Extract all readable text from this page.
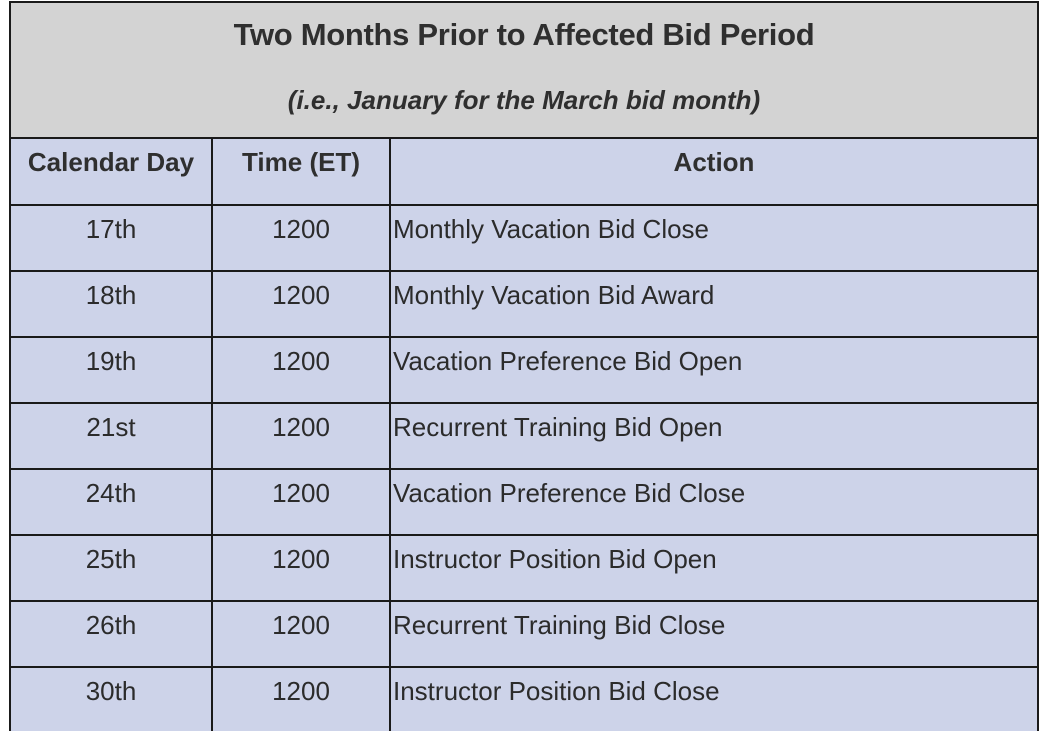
Two Months Prior to Affected Bid Period
(i.e., January for the March bid month)
Calendar Day	Time (ET)	Action
17th	1200	Monthly Vacation Bid Close
18th	1200	Monthly Vacation Bid Award
19th	1200	Vacation Preference Bid Open
21st	1200	Recurrent Training Bid Open
24th	1200	Vacation Preference Bid Close
25th	1200	Instructor Position Bid Open
26th	1200	Recurrent Training Bid Close
30th	1200	Instructor Position Bid Close
